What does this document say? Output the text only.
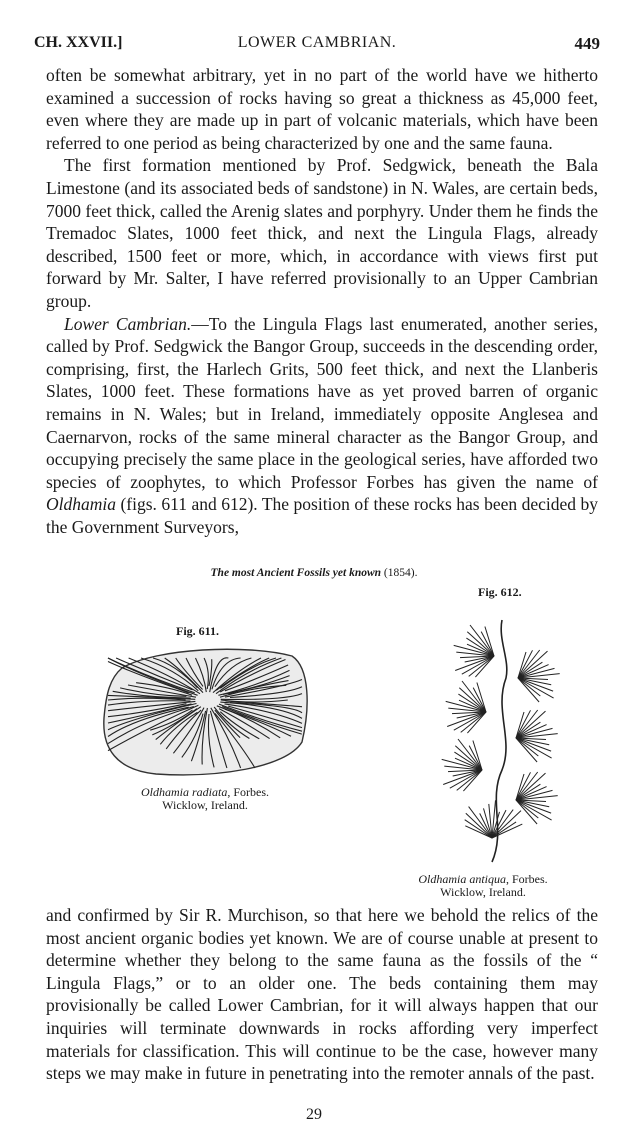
CH. XXVII.]	LOWER CAMBRIAN.	449

often be somewhat arbitrary, yet in no part of the world have we hitherto examined a succession of rocks having so great a thickness as 45,000 feet, even where they are made up in part of volcanic materials, which have been referred to one period as being characterized by one and the same fauna.

The first formation mentioned by Prof. Sedgwick, beneath the Bala Limestone (and its associated beds of sandstone) in N. Wales, are certain beds, 7000 feet thick, called the Arenig slates and porphyry. Under them he finds the Tremadoc Slates, 1000 feet thick, and next the Lingula Flags, already described, 1500 feet or more, which, in accordance with views first put forward by Mr. Salter, I have referred provisionally to an Upper Cambrian group.

Lower Cambrian.—To the Lingula Flags last enumerated, another series, called by Prof. Sedgwick the Bangor Group, succeeds in the descending order, comprising, first, the Harlech Grits, 500 feet thick, and next the Llanberis Slates, 1000 feet. These formations have as yet proved barren of organic remains in N. Wales; but in Ireland, immediately opposite Anglesea and Caernarvon, rocks of the same mineral character as the Bangor Group, and occupying precisely the same place in the geological series, have afforded two species of zoophytes, to which Professor Forbes has given the name of Oldhamia (figs. 611 and 612). The position of these rocks has been decided by the Government Surveyors,

The most Ancient Fossils yet known (1854).
Fig. 611.
Fig. 612.
Oldhamia radiata, Forbes.
Wicklow, Ireland.
Oldhamia antiqua, Forbes.
Wicklow, Ireland.

and confirmed by Sir R. Murchison, so that here we behold the relics of the most ancient organic bodies yet known. We are of course unable at present to determine whether they belong to the same fauna as the fossils of the “ Lingula Flags,” or to an older one. The beds containing them may provisionally be called Lower Cambrian, for it will always happen that our inquiries will terminate downwards in rocks affording very imperfect materials for classification. This will continue to be the case, however many steps we may make in future in penetrating into the remoter annals of the past.

29
